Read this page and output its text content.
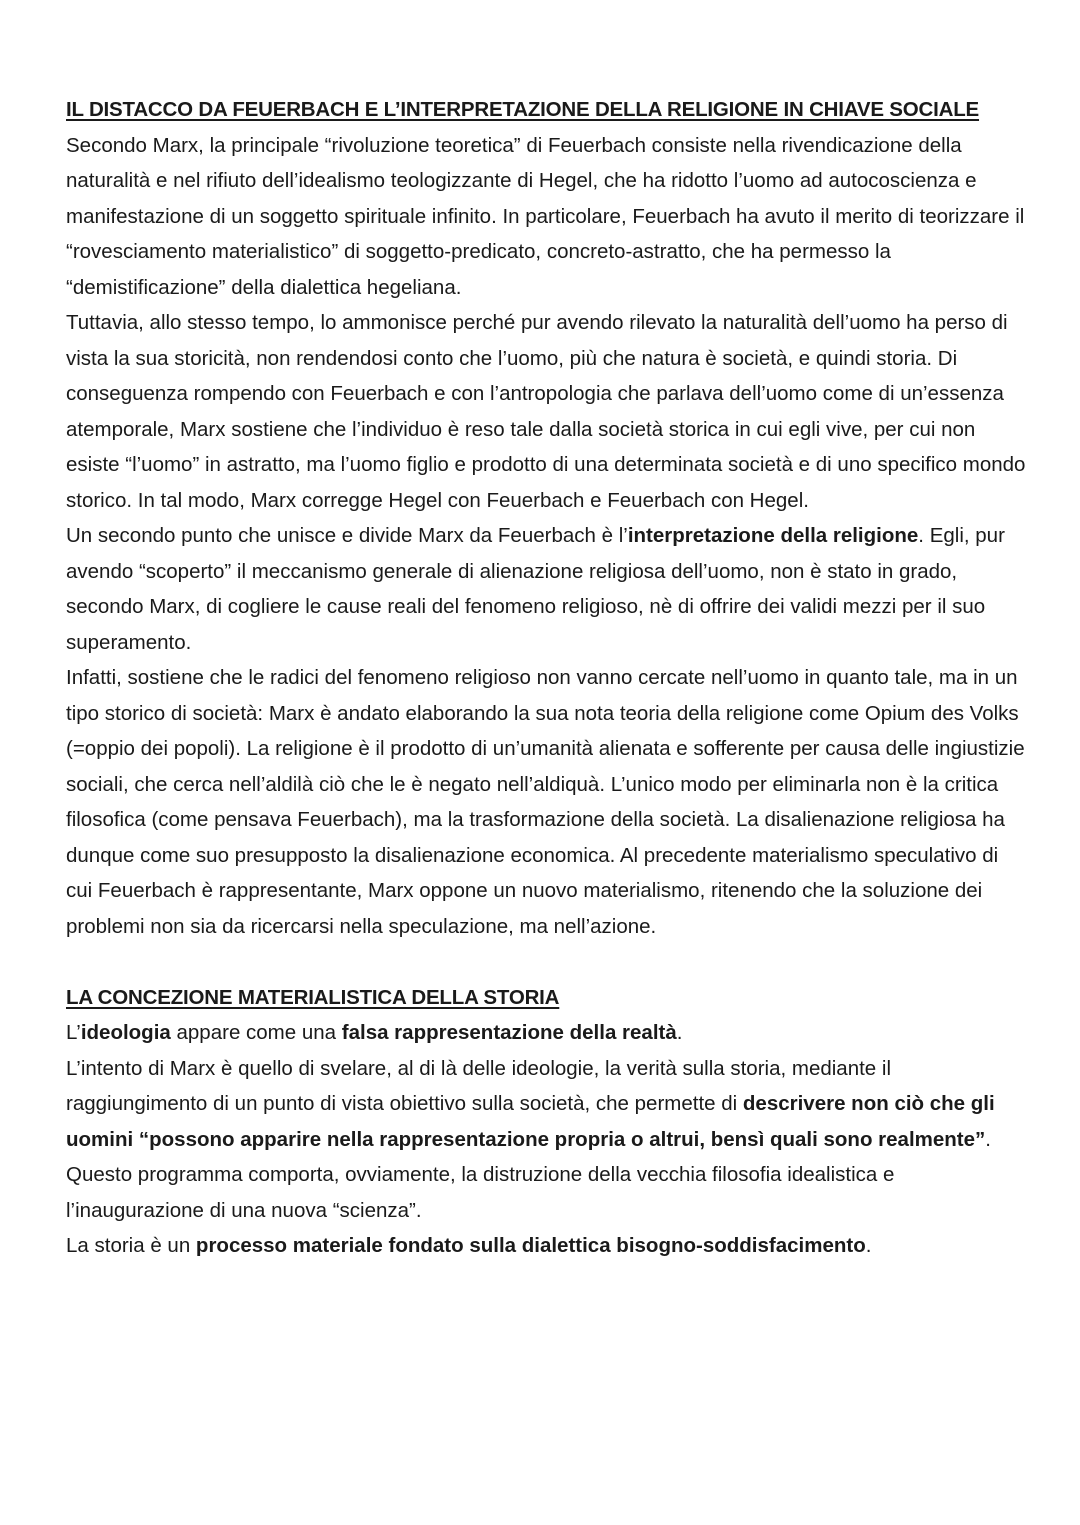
IL DISTACCO DA FEUERBACH E L’INTERPRETAZIONE DELLA RELIGIONE IN CHIAVE SOCIALE

Secondo Marx, la principale “rivoluzione teoretica” di Feuerbach consiste nella rivendicazione della naturalità e nel rifiuto dell’idealismo teologizzante di Hegel, che ha ridotto l’uomo ad autocoscienza e manifestazione di un soggetto spirituale infinito. In particolare, Feuerbach ha avuto il merito di teorizzare il “rovesciamento materialistico” di soggetto-predicato, concreto-astratto, che ha permesso la “demistificazione” della dialettica hegeliana.

Tuttavia, allo stesso tempo, lo ammonisce perché pur avendo rilevato la naturalità dell’uomo ha perso di vista la sua storicità, non rendendosi conto che l’uomo, più che natura è società, e quindi storia. Di conseguenza rompendo con Feuerbach e con l’antropologia che parlava dell’uomo come di un’essenza atemporale, Marx sostiene che l’individuo è reso tale dalla società storica in cui egli vive, per cui non esiste “l’uomo” in astratto, ma l’uomo figlio e prodotto di una determinata società e di uno specifico mondo storico. In tal modo, Marx corregge Hegel con Feuerbach e Feuerbach con Hegel.

Un secondo punto che unisce e divide Marx da Feuerbach è l’interpretazione della religione. Egli, pur avendo “scoperto” il meccanismo generale di alienazione religiosa dell’uomo, non è stato in grado, secondo Marx, di cogliere le cause reali del fenomeno religioso, nè di offrire dei validi mezzi per il suo superamento.

Infatti, sostiene che le radici del fenomeno religioso non vanno cercate nell’uomo in quanto tale, ma in un tipo storico di società: Marx è andato elaborando la sua nota teoria della religione come Opium des Volks (=oppio dei popoli). La religione è il prodotto di un’umanità alienata e sofferente per causa delle ingiustizie sociali, che cerca nell’aldilà ciò che le è negato nell’aldiquà. L’unico modo per eliminarla non è la critica filosofica (come pensava Feuerbach), ma la trasformazione della società. La disalienazione religiosa ha dunque come suo presupposto la disalienazione economica. Al precedente materialismo speculativo di cui Feuerbach è rappresentante, Marx oppone un nuovo materialismo, ritenendo che la soluzione dei problemi non sia da ricercarsi nella speculazione, ma nell’azione.

LA CONCEZIONE MATERIALISTICA DELLA STORIA

L’ideologia appare come una falsa rappresentazione della realtà.

L’intento di Marx è quello di svelare, al di là delle ideologie, la verità sulla storia, mediante il raggiungimento di un punto di vista obiettivo sulla società, che permette di descrivere non ciò che gli uomini “possono apparire nella rappresentazione propria o altrui, bensì quali sono realmente”. Questo programma comporta, ovviamente, la distruzione della vecchia filosofia idealistica e l’inaugurazione di una nuova “scienza”.

La storia è un processo materiale fondato sulla dialettica bisogno-soddisfacimento.
